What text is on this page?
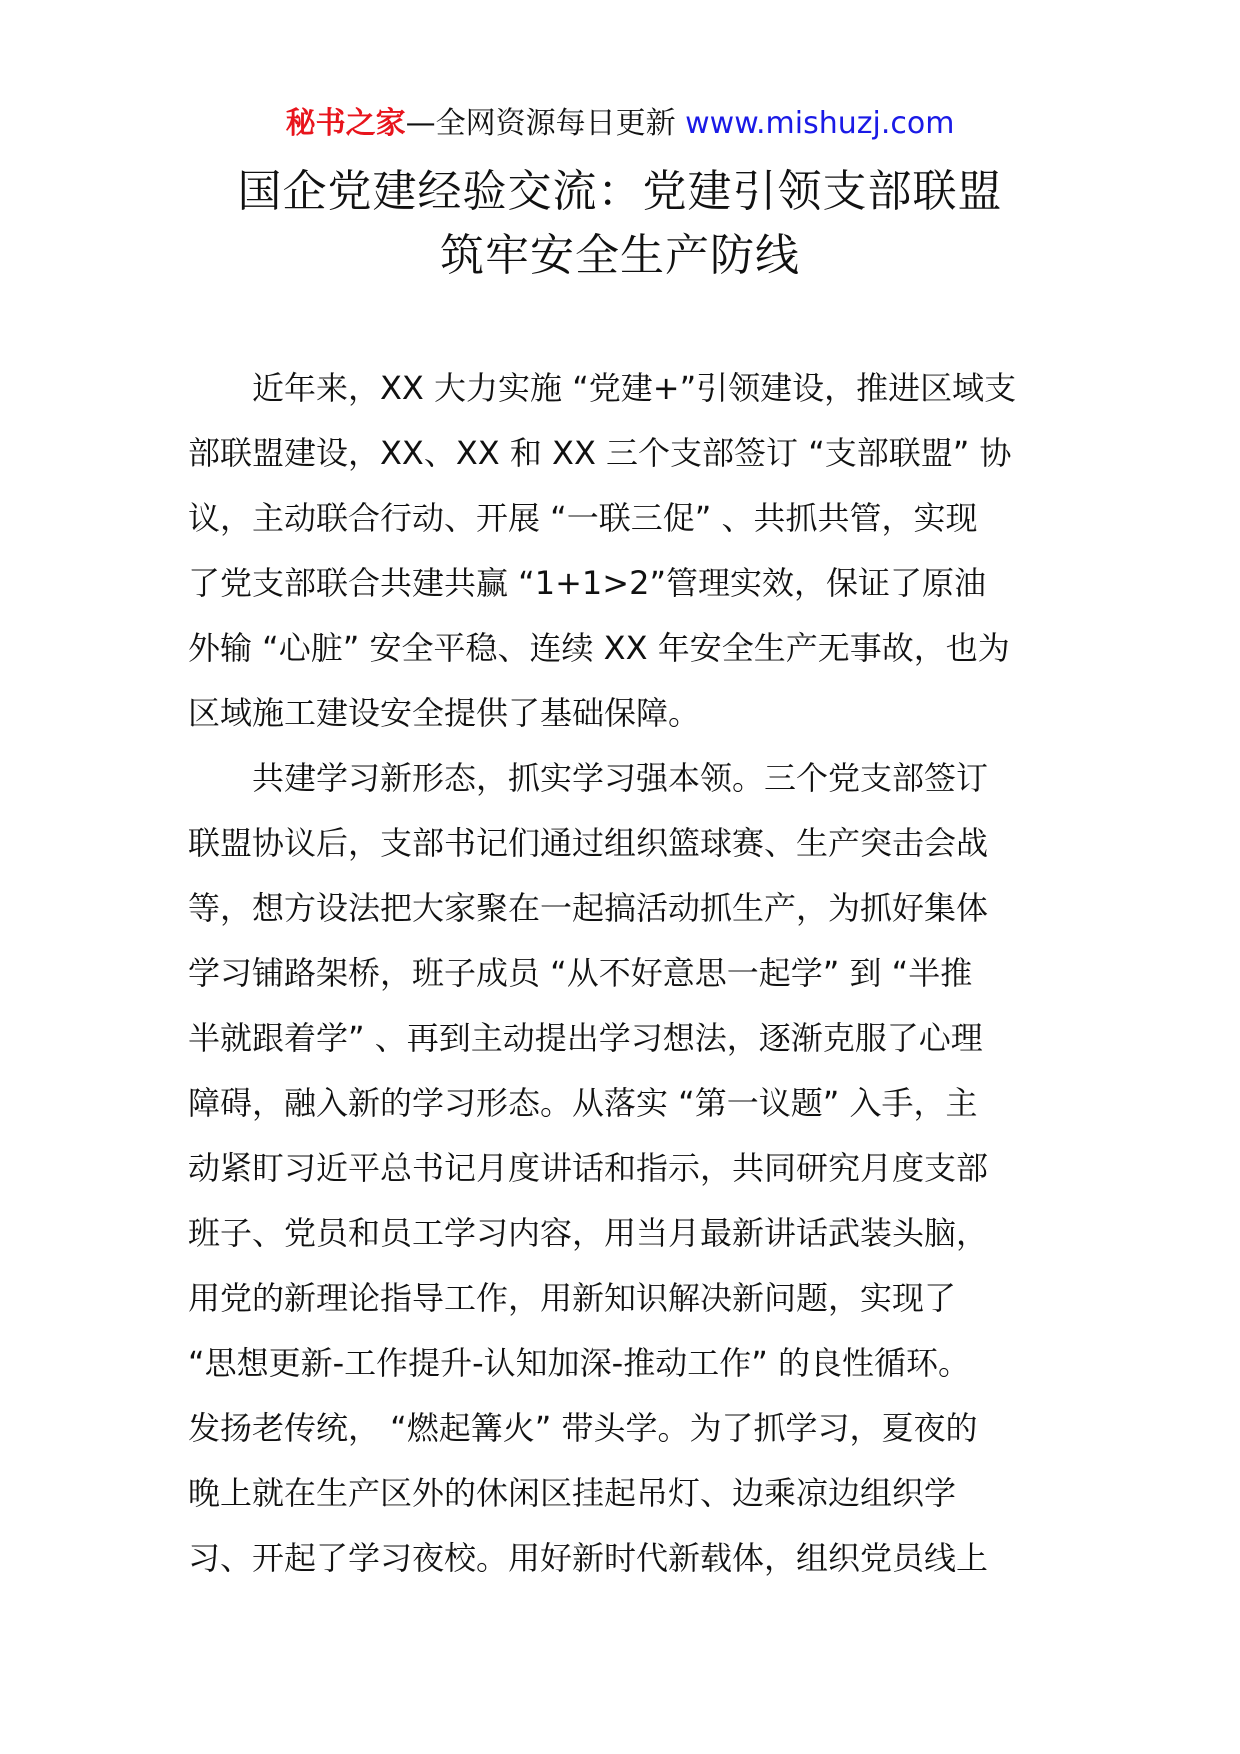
秘书之家—全网资源每日更新 www.mishuzj.com
国企党建经验交流：党建引领支部联盟
筑牢安全生产防线
近年来，XX 大力实施 “党建+”引领建设，推进区域支
部联盟建设，XX、XX 和 XX 三个支部签订 “支部联盟” 协
议，主动联合行动、开展 “一联三促” 、共抓共管，实现
了党支部联合共建共赢 “1+1>2”管理实效，保证了原油
外输 “心脏” 安全平稳、连续 XX 年安全生产无事故，也为
区域施工建设安全提供了基础保障。
共建学习新形态，抓实学习强本领。三个党支部签订
联盟协议后，支部书记们通过组织篮球赛、生产突击会战
等，想方设法把大家聚在一起搞活动抓生产，为抓好集体
学习铺路架桥，班子成员 “从不好意思一起学” 到 “半推
半就跟着学” 、再到主动提出学习想法，逐渐克服了心理
障碍，融入新的学习形态。从落实 “第一议题” 入手，主
动紧盯习近平总书记月度讲话和指示，共同研究月度支部
班子、党员和员工学习内容，用当月最新讲话武装头脑，
用党的新理论指导工作，用新知识解决新问题，实现了
“思想更新-工作提升-认知加深-推动工作” 的良性循环。
发扬老传统， “燃起篝火” 带头学。为了抓学习，夏夜的
晚上就在生产区外的休闲区挂起吊灯、边乘凉边组织学
习、开起了学习夜校。用好新时代新载体，组织党员线上
